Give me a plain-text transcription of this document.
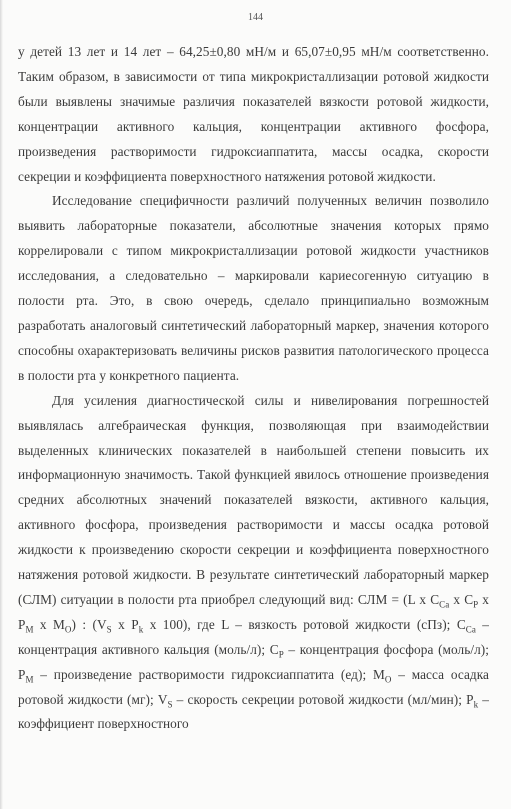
144

у детей 13 лет и 14 лет – 64,25±0,80 мН/м и 65,07±0,95 мН/м соответственно. Таким образом, в зависимости от типа микрокристаллизации ротовой жидкости были выявлены значимые различия показателей вязкости ротовой жидкости, концентрации активного кальция, концентрации активного фосфора, произведения растворимости гидроксиаппатита, массы осадка, скорости секреции и коэффициента поверхностного натяжения ротовой жидкости.

Исследование специфичности различий полученных величин позволило выявить лабораторные показатели, абсолютные значения которых прямо коррелировали с типом микрокристаллизации ротовой жидкости участников исследования, а следовательно – маркировали кариесогенную ситуацию в полости рта. Это, в свою очередь, сделало принципиально возможным разработать аналоговый синтетический лабораторный маркер, значения которого способны охарактеризовать величины рисков развития патологического процесса в полости рта у конкретного пациента.

Для усиления диагностической силы и нивелирования погрешностей выявлялась алгебраическая функция, позволяющая при взаимодействии выделенных клинических показателей в наибольшей степени повысить их информационную значимость. Такой функцией явилось отношение произведения средних абсолютных значений показателей вязкости, активного кальция, активного фосфора, произведения растворимости и массы осадка ротовой жидкости к произведению скорости секреции и коэффициента поверхностного натяжения ротовой жидкости. В результате синтетический лабораторный маркер (СЛМ) ситуации в полости рта приобрел следующий вид: СЛМ = (L х $C_{Ca}$ х $C_P$ х $P_M$ х $M_O$) : ($V_S$ х $P_k$ х 100), где L – вязкость ротовой жидкости (сПз); $C_{Ca}$ – концентрация активного кальция (моль/л); $C_P$ – концентрация фосфора (моль/л); $P_M$ – произведение растворимости гидроксиаппатита (ед); $M_O$ – масса осадка ротовой жидкости (мг); $V_S$ – скорость секреции ротовой жидкости (мл/мин); $P_k$ – коэффициент поверхностного
